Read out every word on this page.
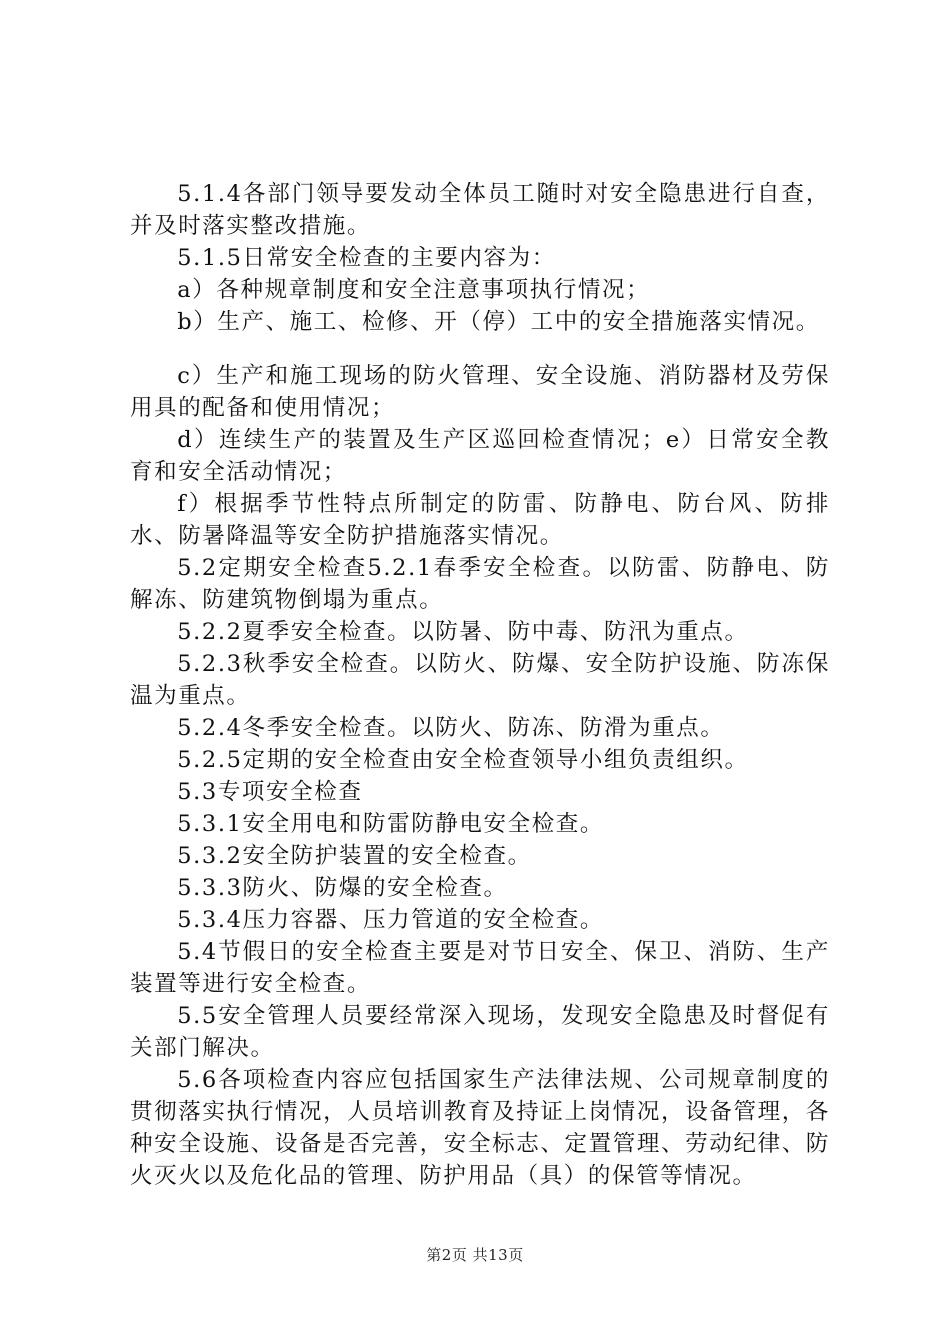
5.1.4各部门领导要发动全体员工随时对安全隐患进行自查，并及时落实整改措施。

5.1.5日常安全检查的主要内容为：

a）各种规章制度和安全注意事项执行情况；

b）生产、施工、检修、开（停）工中的安全措施落实情况。

c）生产和施工现场的防火管理、安全设施、消防器材及劳保用具的配备和使用情况；

d）连续生产的装置及生产区巡回检查情况；e）日常安全教育和安全活动情况；

f）根据季节性特点所制定的防雷、防静电、防台风、防排水、防暑降温等安全防护措施落实情况。

5.2定期安全检查5.2.1春季安全检查。以防雷、防静电、防解冻、防建筑物倒塌为重点。

5.2.2夏季安全检查。以防暑、防中毒、防汛为重点。

5.2.3秋季安全检查。以防火、防爆、安全防护设施、防冻保温为重点。

5.2.4冬季安全检查。以防火、防冻、防滑为重点。

5.2.5定期的安全检查由安全检查领导小组负责组织。

5.3专项安全检查

5.3.1安全用电和防雷防静电安全检查。

5.3.2安全防护装置的安全检查。

5.3.3防火、防爆的安全检查。

5.3.4压力容器、压力管道的安全检查。

5.4节假日的安全检查主要是对节日安全、保卫、消防、生产装置等进行安全检查。

5.5安全管理人员要经常深入现场，发现安全隐患及时督促有关部门解决。

5.6各项检查内容应包括国家生产法律法规、公司规章制度的贯彻落实执行情况，人员培训教育及持证上岗情况，设备管理，各种安全设施、设备是否完善，安全标志、定置管理、劳动纪律、防火灭火以及危化品的管理、防护用品（具）的保管等情况。

第2页 共13页
